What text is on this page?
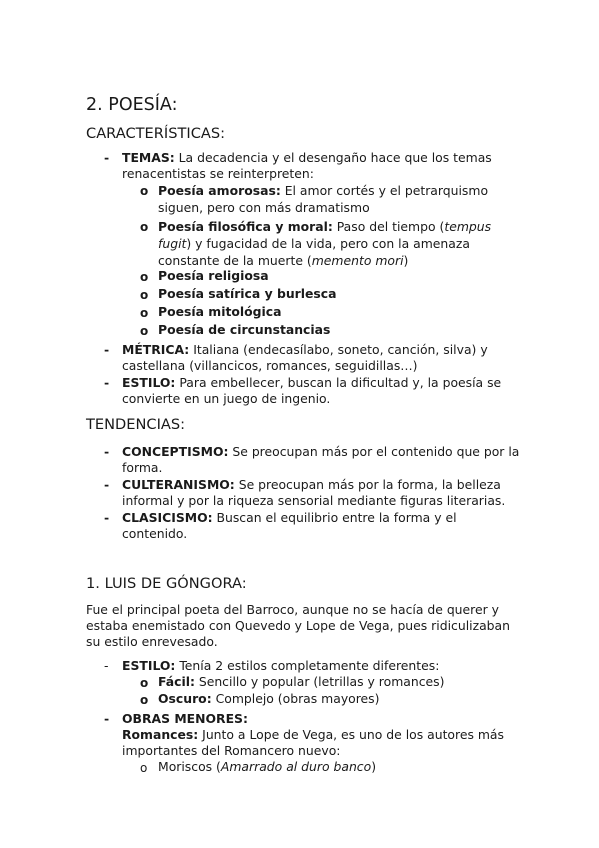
2. POESÍA:
CARACTERÍSTICAS:
- TEMAS: La decadencia y el desengaño hace que los temas
renacentistas se reinterpreten:
o Poesía amorosas: El amor cortés y el petrarquismo
siguen, pero con más dramatismo
o Poesía filosófica y moral: Paso del tiempo (tempus
fugit) y fugacidad de la vida, pero con la amenaza
constante de la muerte (memento mori)
o Poesía religiosa
o Poesía satírica y burlesca
o Poesía mitológica
o Poesía de circunstancias
- MÉTRICA: Italiana (endecasílabo, soneto, canción, silva) y
castellana (villancicos, romances, seguidillas…)
- ESTILO: Para embellecer, buscan la dificultad y, la poesía se
convierte en un juego de ingenio.
TENDENCIAS:
- CONCEPTISMO: Se preocupan más por el contenido que por la
forma.
- CULTERANISMO: Se preocupan más por la forma, la belleza
informal y por la riqueza sensorial mediante figuras literarias.
- CLASICISMO: Buscan el equilibrio entre la forma y el
contenido.
1. LUIS DE GÓNGORA:
Fue el principal poeta del Barroco, aunque no se hacía de querer y
estaba enemistado con Quevedo y Lope de Vega, pues ridiculizaban
su estilo enrevesado.
- ESTILO: Tenía 2 estilos completamente diferentes:
o Fácil: Sencillo y popular (letrillas y romances)
o Oscuro: Complejo (obras mayores)
- OBRAS MENORES:
Romances: Junto a Lope de Vega, es uno de los autores más
importantes del Romancero nuevo:
o Moriscos (Amarrado al duro banco)
